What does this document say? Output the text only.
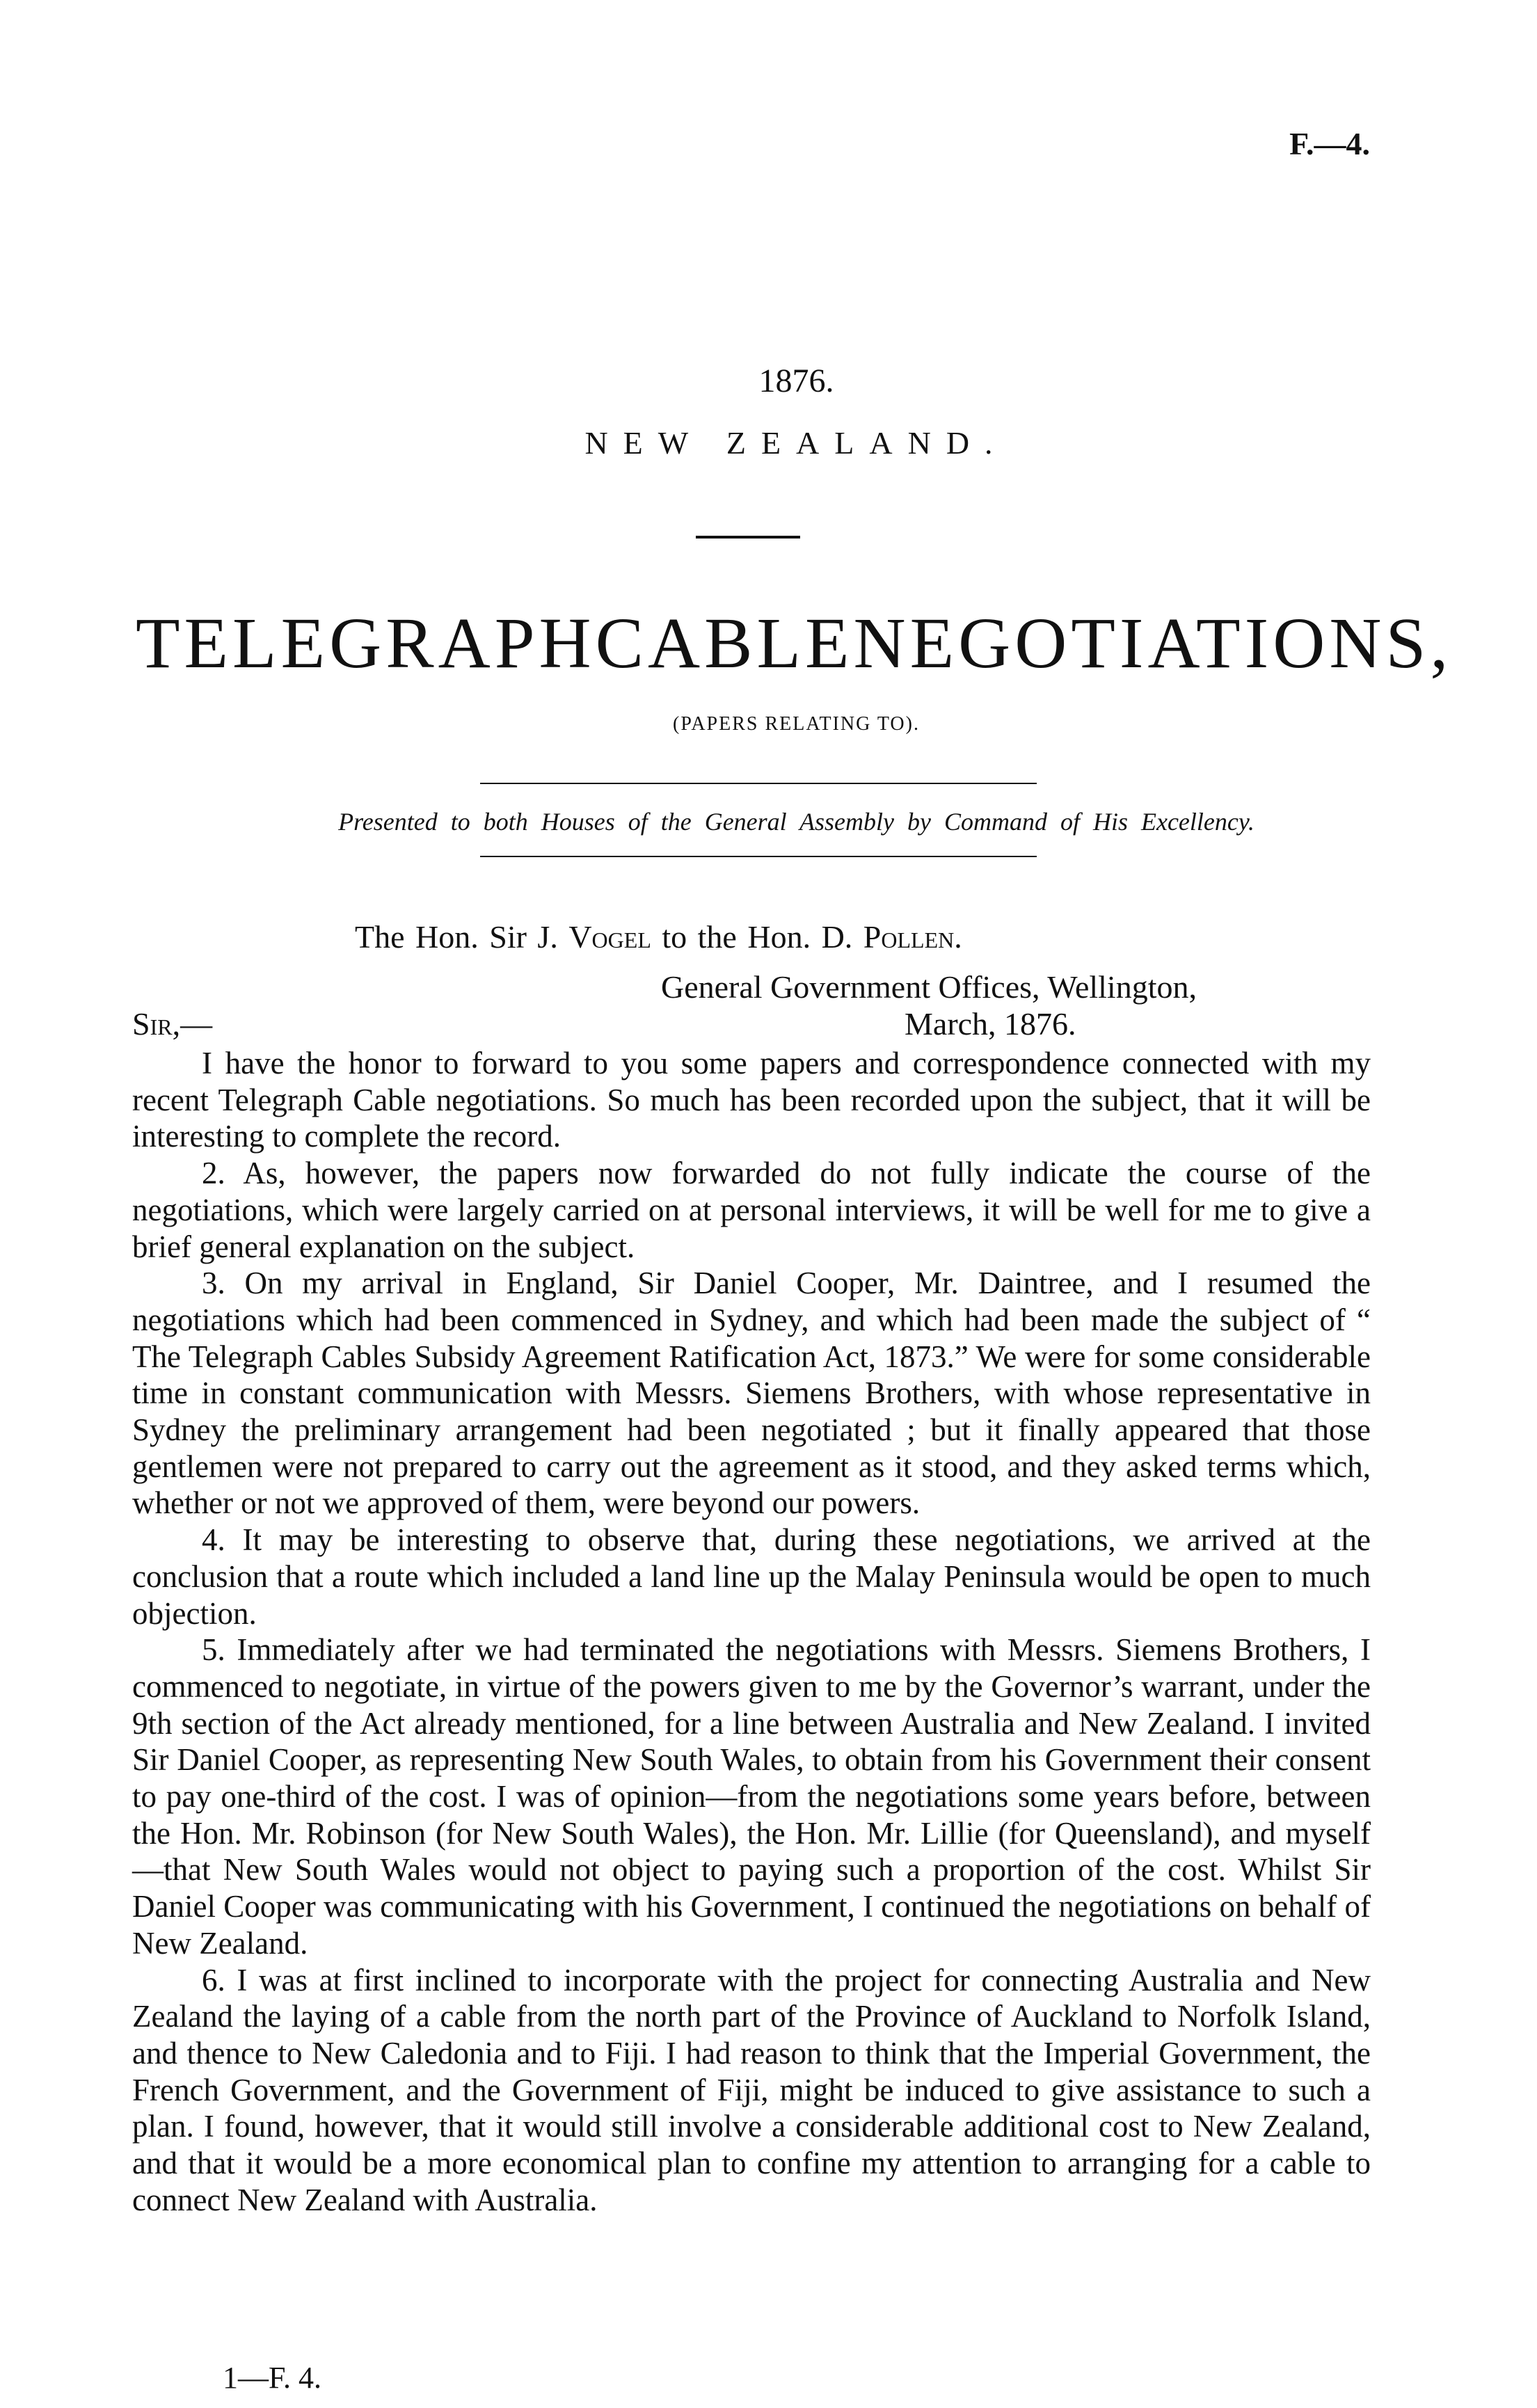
F.—4.
1876.
NEW ZEALAND.
TELEGRAPH CABLE NEGOTIATIONS,
(PAPERS RELATING TO).
Presented to both Houses of the General Assembly by Command of His Excellency.
The Hon. Sir J. Vogel to the Hon. D. Pollen.
General Government Offices, Wellington,
March, 1876.
Sir,—

I have the honor to forward to you some papers and correspondence connected with my recent Telegraph Cable negotiations. So much has been recorded upon the subject, that it will be interesting to complete the record.

2. As, however, the papers now forwarded do not fully indicate the course of the negotiations, which were largely carried on at personal interviews, it will be well for me to give a brief general explanation on the subject.

3. On my arrival in England, Sir Daniel Cooper, Mr. Daintree, and I resumed the negotiations which had been commenced in Sydney, and which had been made the subject of “ The Telegraph Cables Subsidy Agreement Ratification Act, 1873.” We were for some considerable time in constant communication with Messrs. Siemens Brothers, with whose representative in Sydney the preliminary arrangement had been negotiated ; but it finally appeared that those gentlemen were not prepared to carry out the agreement as it stood, and they asked terms which, whether or not we approved of them, were beyond our powers.

4. It may be interesting to observe that, during these negotiations, we arrived at the conclusion that a route which included a land line up the Malay Peninsula would be open to much objection.

5. Immediately after we had terminated the negotiations with Messrs. Siemens Brothers, I commenced to negotiate, in virtue of the powers given to me by the Governor’s warrant, under the 9th section of the Act already mentioned, for a line between Australia and New Zealand. I invited Sir Daniel Cooper, as representing New South Wales, to obtain from his Government their consent to pay one-third of the cost. I was of opinion—from the negotiations some years before, between the Hon. Mr. Robinson (for New South Wales), the Hon. Mr. Lillie (for Queensland), and myself—that New South Wales would not object to paying such a proportion of the cost. Whilst Sir Daniel Cooper was communicating with his Government, I continued the negotiations on behalf of New Zealand.

6. I was at first inclined to incorporate with the project for connecting Australia and New Zealand the laying of a cable from the north part of the Province of Auckland to Norfolk Island, and thence to New Caledonia and to Fiji. I had reason to think that the Imperial Government, the French Government, and the Government of Fiji, might be induced to give assistance to such a plan. I found, however, that it would still involve a considerable additional cost to New Zealand, and that it would be a more economical plan to confine my attention to arranging for a cable to connect New Zealand with Australia.

1—F. 4.
